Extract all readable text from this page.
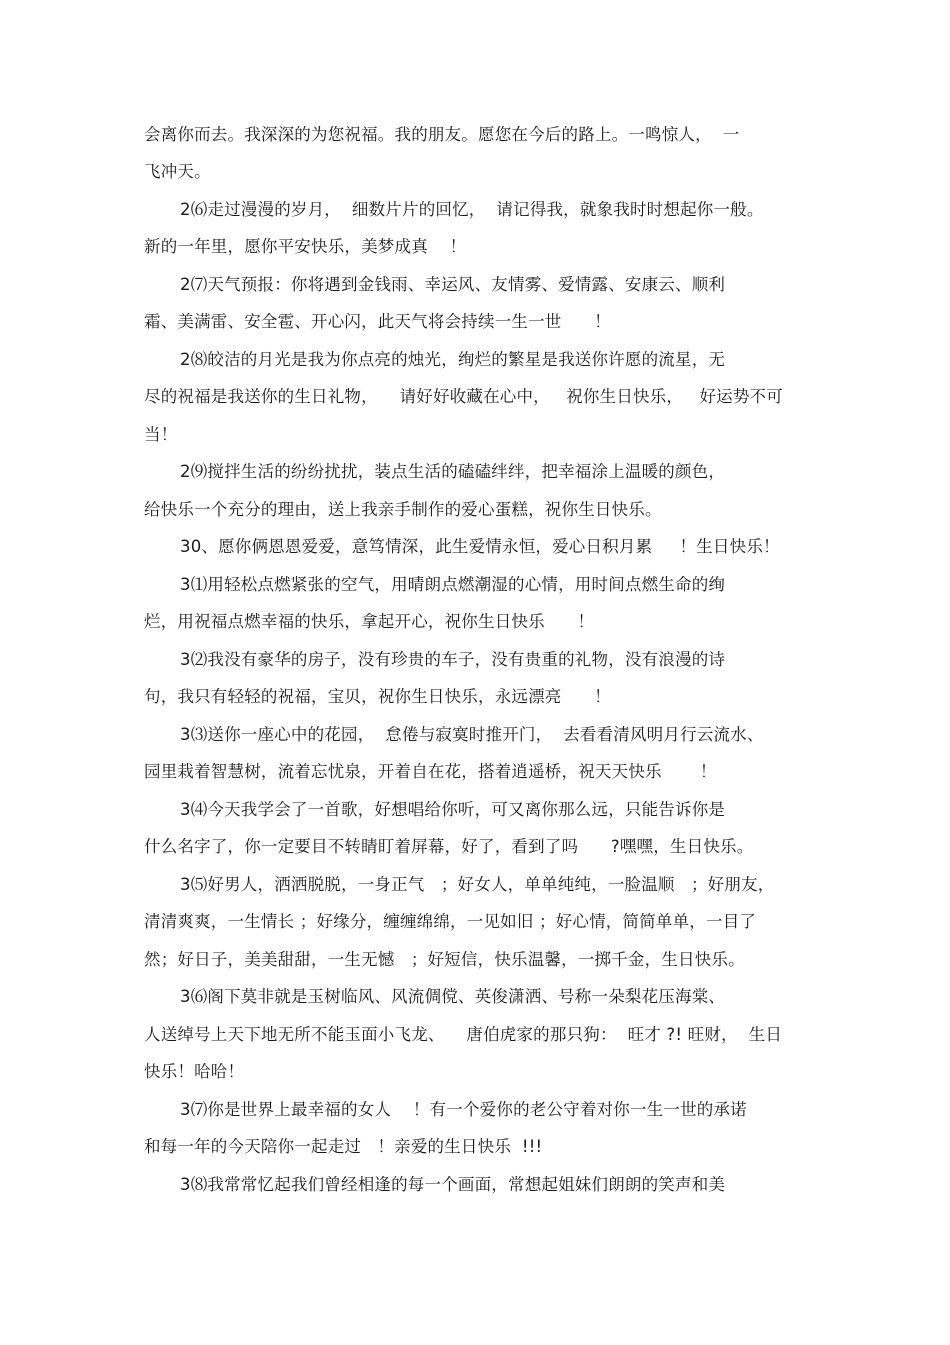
会离你而去。我深深的为您祝福。我的朋友。愿您在今后的路上。一鸣惊人，  一
飞冲天。
2⑹走过漫漫的岁月，  细数片片的回忆，  请记得我，就象我时时想起你一般。
新的一年里，愿你平安快乐，美梦成真    ！
2⑺天气预报：你将遇到金钱雨、幸运风、友情雾、爱情露、安康云、顺利
霜、美满雷、安全雹、开心闪，此天气将会持续一生一世      ！
2⑻皎洁的月光是我为你点亮的烛光，绚烂的繁星是我送你许愿的流星，无
尽的祝福是我送你的生日礼物，    请好好收藏在心中，   祝你生日快乐，   好运势不可
当！
2⑼搅拌生活的纷纷扰扰，装点生活的磕磕绊绊，把幸福涂上温暖的颜色，
给快乐一个充分的理由，送上我亲手制作的爱心蛋糕，祝你生日快乐。
30、愿你俩恩恩爱爱，意笃情深，此生爱情永恒，爱心日积月累     ！生日快乐！
3⑴用轻松点燃紧张的空气，用晴朗点燃潮湿的心情，用时间点燃生命的绚
烂，用祝福点燃幸福的快乐，拿起开心，祝你生日快乐      ！
3⑵我没有豪华的房子，没有珍贵的车子，没有贵重的礼物，没有浪漫的诗
句，我只有轻轻的祝福，宝贝，祝你生日快乐，永远漂亮      ！
3⑶送你一座心中的花园，  怠倦与寂寞时推开门，  去看看清风明月行云流水、
园里栽着智慧树，流着忘忧泉，开着自在花，搭着逍遥桥，祝天天快乐       ！
3⑷今天我学会了一首歌，好想唱给你听，可又离你那么远，只能告诉你是
什么名字了，你一定要目不转睛盯着屏幕，好了，看到了吗      ?嘿嘿，生日快乐。
3⑸好男人，洒洒脱脱，一身正气   ；好女人，单单纯纯，一脸温顺   ；好朋友，
清清爽爽，一生情长 ；好缘分，缠缠绵绵，一见如旧 ；好心情，简简单单，一目了
然；好日子，美美甜甜，一生无憾   ；好短信，快乐温馨，一掷千金，生日快乐。
3⑹阁下莫非就是玉树临风、风流倜傥、英俊潇洒、号称一朵梨花压海棠、
人送绰号上天下地无所不能玉面小飞龙、    唐伯虎家的那只狗：  旺才 ?! 旺财，  生日
快乐！哈哈！
3⑺你是世界上最幸福的女人    ！有一个爱你的老公守着对你一生一世的承诺
和每一年的今天陪你一起走过   ！亲爱的生日快乐  !!!
3⑻我常常忆起我们曾经相逢的每一个画面，常想起姐妹们朗朗的笑声和美
